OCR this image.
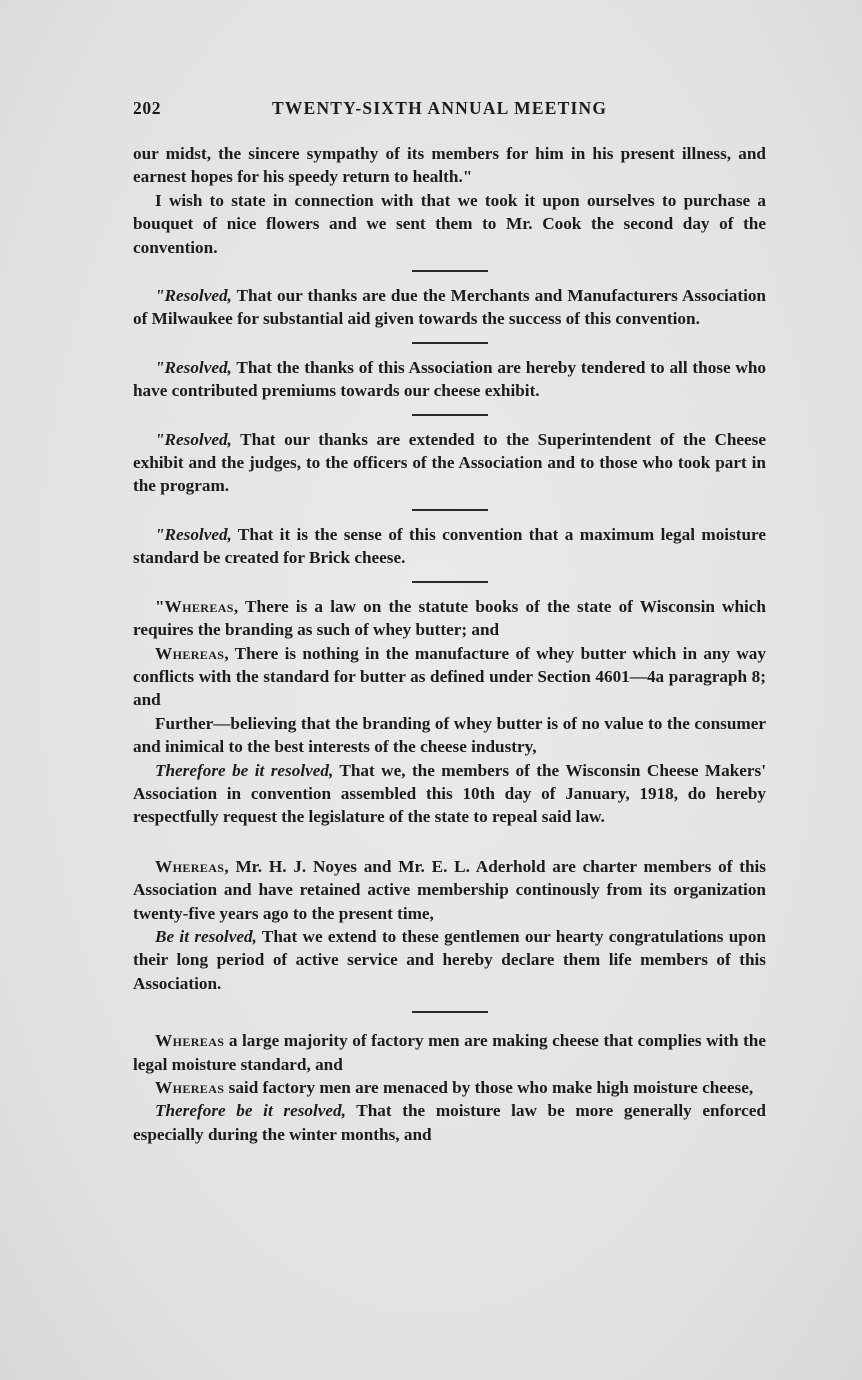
202	TWENTY-SIXTH ANNUAL MEETING

our midst, the sincere sympathy of its members for him in his present illness, and earnest hopes for his speedy return to health."

I wish to state in connection with that we took it upon ourselves to purchase a bouquet of nice flowers and we sent them to Mr. Cook the second day of the convention.

"Resolved, That our thanks are due the Merchants and Manufacturers Association of Milwaukee for substantial aid given towards the success of this convention.

"Resolved, That the thanks of this Association are hereby tendered to all those who have contributed premiums towards our cheese exhibit.

"Resolved, That our thanks are extended to the Superintendent of the Cheese exhibit and the judges, to the officers of the Association and to those who took part in the program.

"Resolved, That it is the sense of this convention that a maximum legal moisture standard be created for Brick cheese.

"Whereas, There is a law on the statute books of the state of Wisconsin which requires the branding as such of whey butter; and

Whereas, There is nothing in the manufacture of whey butter which in any way conflicts with the standard for butter as defined under Section 4601—4a paragraph 8; and

Further—believing that the branding of whey butter is of no value to the consumer and inimical to the best interests of the cheese industry,

Therefore be it resolved, That we, the members of the Wisconsin Cheese Makers' Association in convention assembled this 10th day of January, 1918, do hereby respectfully request the legislature of the state to repeal said law.

Whereas, Mr. H. J. Noyes and Mr. E. L. Aderhold are charter members of this Association and have retained active membership continously from its organization twenty-five years ago to the present time,

Be it resolved, That we extend to these gentlemen our hearty congratulations upon their long period of active service and hereby declare them life members of this Association.

Whereas a large majority of factory men are making cheese that complies with the legal moisture standard, and

Whereas said factory men are menaced by those who make high moisture cheese,

Therefore be it resolved, That the moisture law be more generally enforced especially during the winter months, and
